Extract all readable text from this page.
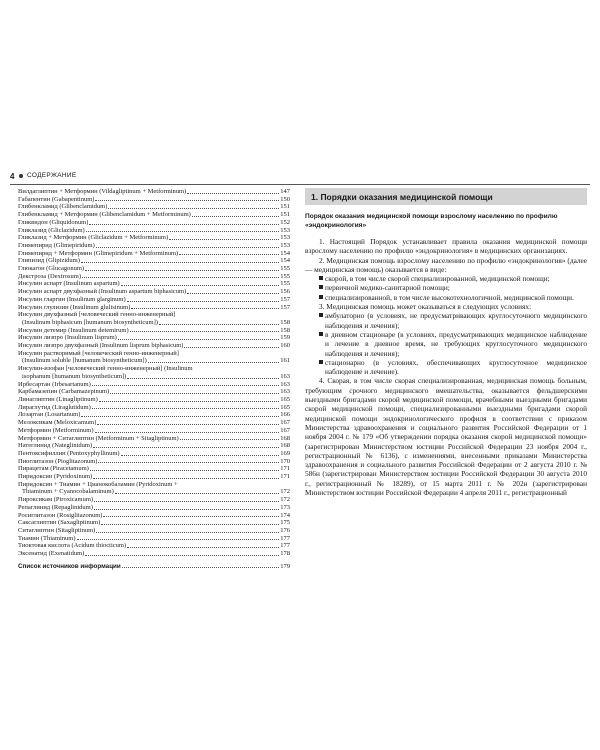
4 СОДЕРЖАНИЕ
Вилдаглиптин + Метформин (Vildagliptinum + Metforminum)	147
Габапентин (Gabapentinum)	150
Глибенкламид (Glibenclamidum)	151
Глибенкламид + Метформин (Glibenclamidum + Metforminum)	151
Гликвидон (Gliquidonum)	152
Гликлазид (Gliclazidum)	153
Гликлазид + Метформин (Gliclazidum + Metforminum)	153
Глимепирид (Glimepiridum)	153
Глимепирид + Метформин (Glimepiridum + Metforminum)	154
Глипизид (Glipizidum)	154
Глюкагон (Glucagonum)	155
Декстроза (Dextrosum)	155
Инсулин аспарт (Insulinum aspartum)	155
Инсулин аспарт двухфазный (Insulinum aspartum biphasicum)	156
Инсулин гларгин (Insulinum glarginum)	157
Инсулин глулизин (Insulinum glulisinum)	157
Инсулин двухфазный [человеческий генно-инженерный]
(Insulinum biphasicum [humanum biosyntheticum])	158
Инсулин детемир (Insulinum detemirum)	158
Инсулин лизпро (Insulinum lisprum)	159
Инсулин лизпро двухфазный (Insulinum lisprum biphasicum)	160
Инсулин растворимый [человеческий генно-инженерный]
(Insulinum soluble [humanum biosyntheticum])	161
Инсулин-изофан [человеческий генно-инженерный] (Insulinum
isophanum [humanum biosyntheticum])	163
Ирбесартан (Irbesartanum)	163
Карбамазепин (Carbamazepinum)	163
Линаглиптин (Linagliptinum)	165
Лираглутид (Liraglutidum)	165
Лозартан (Losartanum)	166
Мелоксикам (Meloxicamum)	167
Метформин (Metforminum)	167
Метформин + Ситаглиптин (Metforminum + Sitagliptinum)	168
Натеглинид (Nateglinidum)	168
Пентоксифиллин (Pentoxyphyllinum)	169
Пиоглитазон (Pioglitazonum)	170
Пирацетам (Piracetamum)	171
Пиридоксин (Pyridoxinum)	171
Пиридоксин + Тиамин + Цианокобаламин (Pyridoxinum +
Thiaminum + Cyanocobalaminum)	172
Пироксикам (Piroxicamum)	172
Репаглинид (Repaglinidum)	173
Росиглитазон (Rosiglitazonum)	174
Саксаглиптин (Saxagliptinum)	175
Ситаглиптин (Sitagliptinum)	176
Тиамин (Thiaminum)	177
Тиоктовая кислота (Acidum thiocticum)	177
Эксенатид (Exenatidum)	178
Список источников информации	179
1. Порядки оказания медицинской помощи
Порядок оказания медицинской помощи взрослому населению по профилю «эндокринология»

1. Настоящий Порядок устанавливает правила оказания медицинской помощи взрослому населению по профилю «эндокринология» в медицинских организациях.

2. Медицинская помощь взрослому населению по профилю «эндокринология» (далее — медицинская помощь) оказывается в виде:

скорой, в том числе скорой специализированной, медицинской помощи;
первичной медико-санитарной помощи;
специализированной, в том числе высокотехнологичной, медицинской помощи.

3. Медицинская помощь может оказываться в следующих условиях:

амбулаторно (в условиях, не предусматривающих круглосуточного медицинского наблюдения и лечения);
в дневном стационаре (в условиях, предусматривающих медицинское наблюдение и лечение в дневное время, не требующих круглосуточного медицинского наблюдения и лечения);
стационарно (в условиях, обеспечивающих круглосуточное медицинское наблюдение и лечение).

4. Скорая, в том числе скорая специализированная, медицинская помощь больным, требующим срочного медицинского вмешательства, оказывается фельдшерскими выездными бригадами скорой медицинской помощи, врачебными выездными бригадами скорой медицинской помощи, специализированными выездными бригадами скорой медицинской помощи эндокринологического профиля в соответствии с приказом Министерства здравоохранения и социального развития Российской Федерации от 1 ноября 2004 г. № 179 «Об утверждении порядка оказания скорой медицинской помощи» (зарегистрирован Министерством юстиции Российской Федерации 23 ноября 2004 г., регистрационный № 6136), с изменениями, внесенными приказами Министерства здравоохранения и социального развития Российской Федерации от 2 августа 2010 г. № 586н (зарегистрирован Министерством юстиции Российской Федерации 30 августа 2010 г., регистрационный № 18289), от 15 марта 2011 г. № 202н (зарегистрирован Министерством юстиции Российской Федерации 4 апреля 2011 г., регистрационный
